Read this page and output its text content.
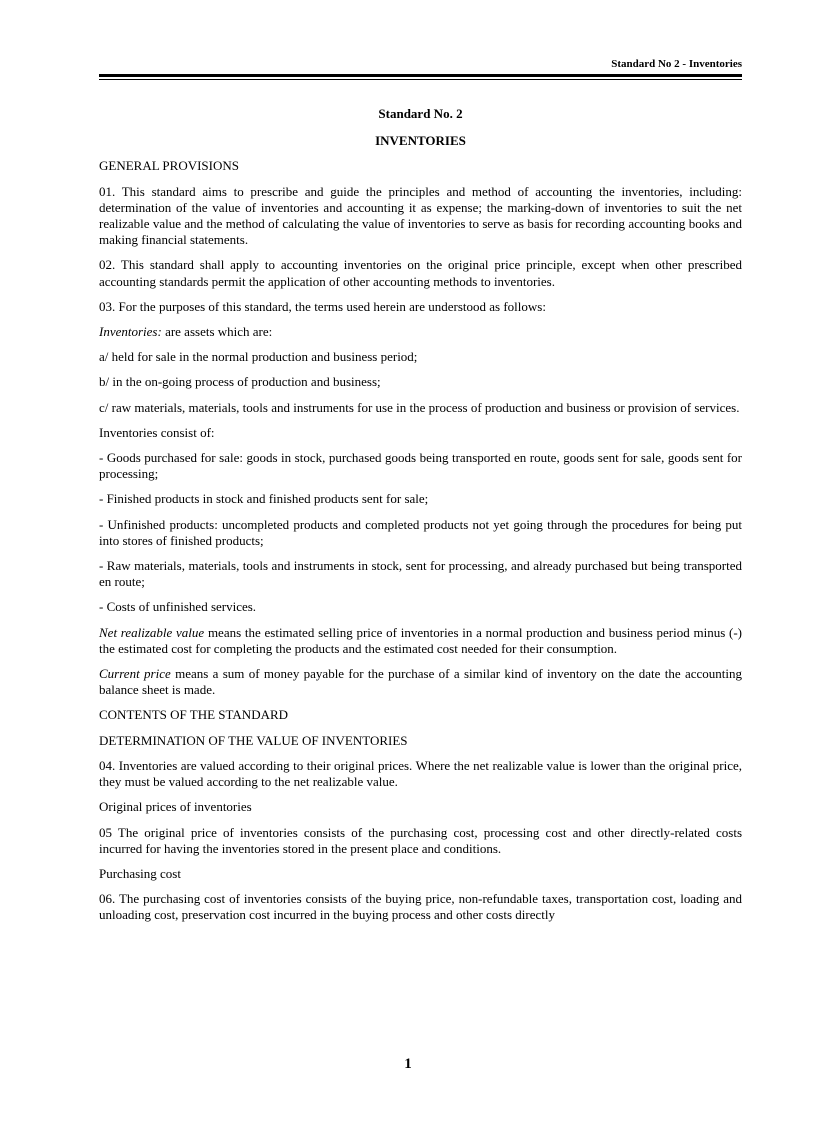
Standard No 2 - Inventories
Standard No. 2
INVENTORIES

GENERAL PROVISIONS

01. This standard aims to prescribe and guide the principles and method of accounting the inventories, including: determination of the value of inventories and accounting it as expense; the marking-down of inventories to suit the net realizable value and the method of calculating the value of inventories to serve as basis for recording accounting books and making financial statements.

02. This standard shall apply to accounting inventories on the original price principle, except when other prescribed accounting standards permit the application of other accounting methods to inventories.

03. For the purposes of this standard, the terms used herein are understood as follows:

Inventories: are assets which are:

a/ held for sale in the normal production and business period;

b/ in the on-going process of production and business;

c/ raw materials, materials, tools and instruments for use in the process of production and business or provision of services.

Inventories consist of:

- Goods purchased for sale: goods in stock, purchased goods being transported en route, goods sent for sale, goods sent for processing;

- Finished products in stock and finished products sent for sale;

- Unfinished products: uncompleted products and completed products not yet going through the procedures for being put into stores of finished products;

- Raw materials, materials, tools and instruments in stock, sent for processing, and already purchased but being transported en route;

- Costs of unfinished services.

Net realizable value means the estimated selling price of inventories in a normal production and business period minus (-) the estimated cost for completing the products and the estimated cost needed for their consumption.

Current price means a sum of money payable for the purchase of a similar kind of inventory on the date the accounting balance sheet is made.

CONTENTS OF THE STANDARD

DETERMINATION OF THE VALUE OF INVENTORIES

04. Inventories are valued according to their original prices. Where the net realizable value is lower than the original price, they must be valued according to the net realizable value.

Original prices of inventories

05 The original price of inventories consists of the purchasing cost, processing cost and other directly-related costs incurred for having the inventories stored in the present place and conditions.

Purchasing cost

06. The purchasing cost of inventories consists of the buying price, non-refundable taxes, transportation cost, loading and unloading cost, preservation cost incurred in the buying process and other costs directly

1
